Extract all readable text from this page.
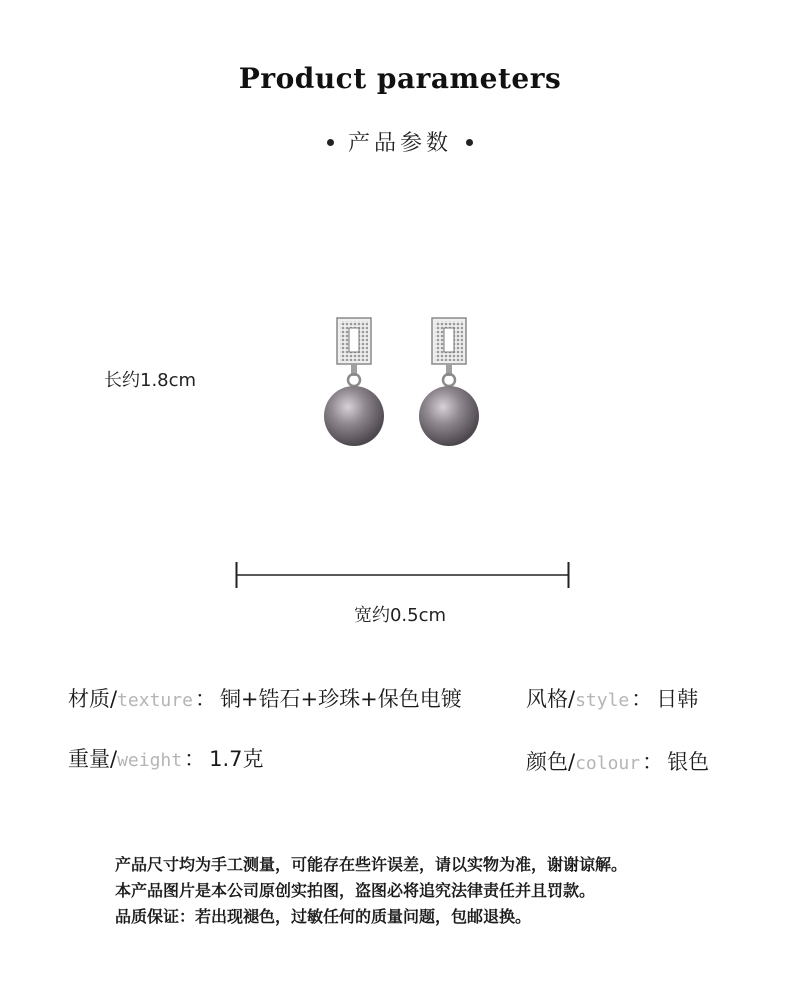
Product parameters
产品参数
长约1.8cm
宽约0.5cm
材质/texture： 铜+锆石+珍珠+保色电镀	风格/style： 日韩
重量/weight： 1.7克	颜色/colour： 银色
产品尺寸均为手工测量，可能存在些许误差，请以实物为准，谢谢谅解。
本产品图片是本公司原创实拍图，盗图必将追究法律责任并且罚款。
品质保证：若出现褪色，过敏任何的质量问题，包邮退换。
